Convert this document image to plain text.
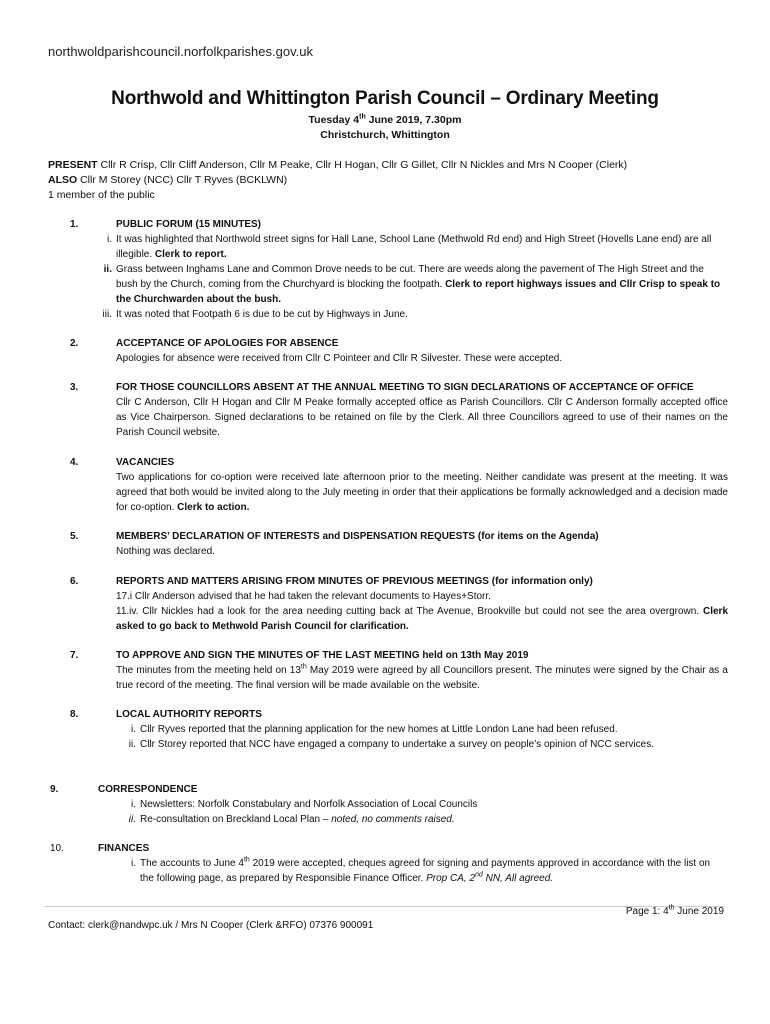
northwoldparishcouncil.norfolkparishes.gov.uk
Northwold and Whittington Parish Council – Ordinary Meeting
Tuesday 4th June 2019, 7.30pm
Christchurch, Whittington
PRESENT Cllr R Crisp, Cllr Cliff Anderson, Cllr M Peake, Cllr H Hogan, Cllr G Gillet, Cllr N Nickles and Mrs N Cooper (Clerk)
ALSO Cllr M Storey (NCC) Cllr T Ryves (BCKLWN)
1 member of the public
1.	PUBLIC FORUM (15 MINUTES)
i. It was highlighted that Northwold street signs for Hall Lane, School Lane (Methwold Rd end) and High Street (Hovells Lane end) are all illegible. Clerk to report.
ii. Grass between Inghams Lane and Common Drove needs to be cut. There are weeds along the pavement of The High Street and the bush by the Church, coming from the Churchyard is blocking the footpath. Clerk to report highways issues and Cllr Crisp to speak to the Churchwarden about the bush.
iii. It was noted that Footpath 6 is due to be cut by Highways in June.
2.	ACCEPTANCE OF APOLOGIES FOR ABSENCE
Apologies for absence were received from Cllr C Pointeer and Cllr R Silvester. These were accepted.
3.	FOR THOSE COUNCILLORS ABSENT AT THE ANNUAL MEETING TO SIGN DECLARATIONS OF ACCEPTANCE OF OFFICE
Cllr C Anderson, Cllr H Hogan and Cllr M Peake formally accepted office as Parish Councillors. Cllr C Anderson formally accepted office as Vice Chairperson. Signed declarations to be retained on file by the Clerk. All three Councillors agreed to use of their names on the Parish Council website.
4.	VACANCIES
Two applications for co-option were received late afternoon prior to the meeting. Neither candidate was present at the meeting. It was agreed that both would be invited along to the July meeting in order that their applications be formally acknowledged and a decision made for co-option. Clerk to action.
5.	MEMBERS’ DECLARATION OF INTERESTS and DISPENSATION REQUESTS (for items on the Agenda)
Nothing was declared.
6.	REPORTS AND MATTERS ARISING FROM MINUTES OF PREVIOUS MEETINGS (for information only)
17.i Cllr Anderson advised that he had taken the relevant documents to Hayes+Storr.
11.iv. Cllr Nickles had a look for the area needing cutting back at The Avenue, Brookville but could not see the area overgrown. Clerk asked to go back to Methwold Parish Council for clarification.
7.	TO APPROVE AND SIGN THE MINUTES OF THE LAST MEETING held on 13th May 2019
The minutes from the meeting held on 13th May 2019 were agreed by all Councillors present. The minutes were signed by the Chair as a true record of the meeting. The final version will be made available on the website.
8.	LOCAL AUTHORITY REPORTS
i. Cllr Ryves reported that the planning application for the new homes at Little London Lane had been refused.
ii. Cllr Storey reported that NCC have engaged a company to undertake a survey on people’s opinion of NCC services.
9.	CORRESPONDENCE
i. Newsletters: Norfolk Constabulary and Norfolk Association of Local Councils
ii. Re-consultation on Breckland Local Plan – noted, no comments raised.
10.	FINANCES
i. The accounts to June 4th 2019 were accepted, cheques agreed for signing and payments approved in accordance with the list on the following page, as prepared by Responsible Finance Officer. Prop CA, 2nd NN, All agreed.
Page 1: 4th June 2019
Contact: clerk@nandwpc.uk / Mrs N Cooper (Clerk &RFO) 07376 900091
